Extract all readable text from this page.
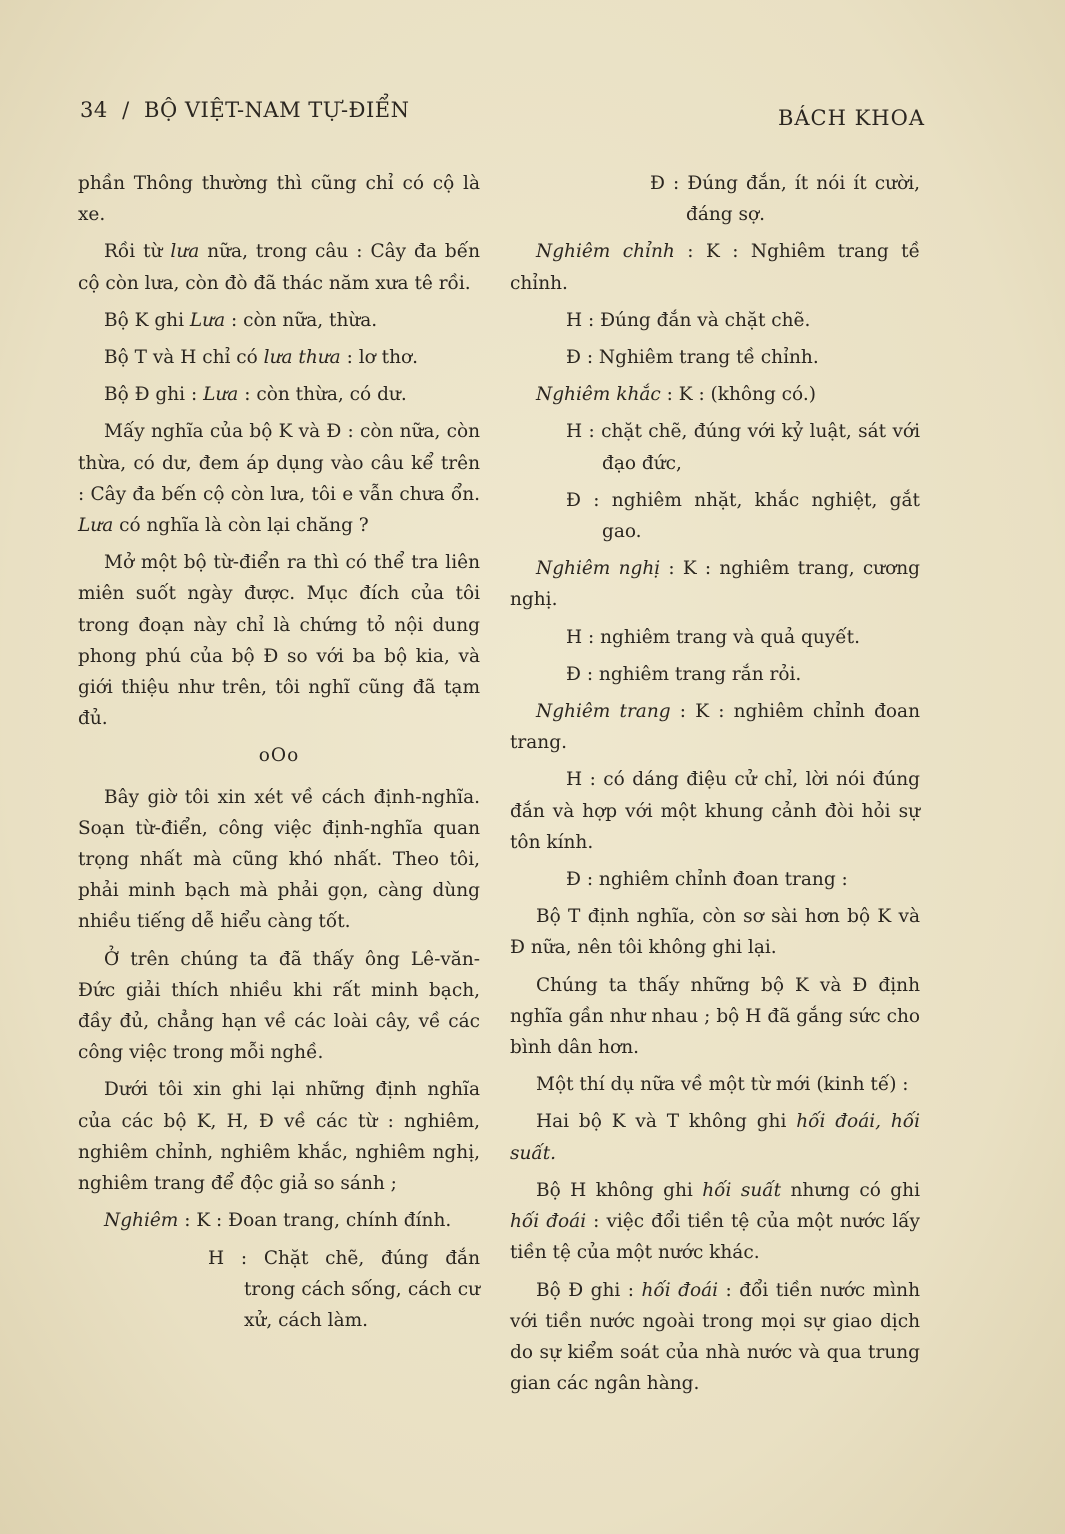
34 / BỘ VIỆT-NAM TỰ-ĐIỂN	BÁCH KHOA

phần Thông thường thì cũng chỉ có cộ là xe.

Rồi từ lưa nữa, trong câu : Cây đa bến cộ còn lưa, còn đò đã thác năm xưa tê rồi.

Bộ K ghi Lưa : còn nữa, thừa.

Bộ T và H chỉ có lưa thưa : lơ thơ.

Bộ Đ ghi : Lưa : còn thừa, có dư.

Mấy nghĩa của bộ K và Đ : còn nữa, còn thừa, có dư, đem áp dụng vào câu kể trên : Cây đa bến cộ còn lưa, tôi e vẫn chưa ổn. Lưa có nghĩa là còn lại chăng ?

Mở một bộ từ-điển ra thì có thể tra liên miên suốt ngày được. Mục đích của tôi trong đoạn này chỉ là chứng tỏ nội dung phong phú của bộ Đ so với ba bộ kia, và giới thiệu như trên, tôi nghĩ cũng đã tạm đủ.

oOo

Bây giờ tôi xin xét về cách định-nghĩa. Soạn từ-điển, công việc định-nghĩa quan trọng nhất mà cũng khó nhất. Theo tôi, phải minh bạch mà phải gọn, càng dùng nhiều tiếng dễ hiểu càng tốt.

Ở trên chúng ta đã thấy ông Lê-văn-Đức giải thích nhiều khi rất minh bạch, đầy đủ, chẳng hạn về các loài cây, về các công việc trong mỗi nghề.

Dưới tôi xin ghi lại những định nghĩa của các bộ K, H, Đ về các từ : nghiêm, nghiêm chỉnh, nghiêm khắc, nghiêm nghị, nghiêm trang để độc giả so sánh ;

Nghiêm : K : Đoan trang, chính đính.

H : Chặt chẽ, đúng đắn trong cách sống, cách cư xử, cách làm.

Đ : Đúng đắn, ít nói ít cười, đáng sợ.

Nghiêm chỉnh : K : Nghiêm trang tề chỉnh.

H : Đúng đắn và chặt chẽ.

Đ : Nghiêm trang tề chỉnh.

Nghiêm khắc : K : (không có.)

H : chặt chẽ, đúng với kỷ luật, sát với đạo đức,

Đ : nghiêm nhặt, khắc nghiệt, gắt gao.

Nghiêm nghị : K : nghiêm trang, cương nghị.

H : nghiêm trang và quả quyết.

Đ : nghiêm trang rắn rỏi.

Nghiêm trang : K : nghiêm chỉnh đoan trang.

H : có dáng điệu cử chỉ, lời nói đúng đắn và hợp với một khung cảnh đòi hỏi sự tôn kính.

Đ : nghiêm chỉnh đoan trang :

Bộ T định nghĩa, còn sơ sài hơn bộ K và Đ nữa, nên tôi không ghi lại.

Chúng ta thấy những bộ K và Đ định nghĩa gần như nhau ; bộ H đã gắng sức cho bình dân hơn.

Một thí dụ nữa về một từ mới (kinh tế) :

Hai bộ K và T không ghi hối đoái, hối suất.

Bộ H không ghi hối suất nhưng có ghi hối đoái : việc đổi tiền tệ của một nước lấy tiền tệ của một nước khác.

Bộ Đ ghi : hối đoái : đổi tiền nước mình với tiền nước ngoài trong mọi sự giao dịch do sự kiểm soát của nhà nước và qua trung gian các ngân hàng.
